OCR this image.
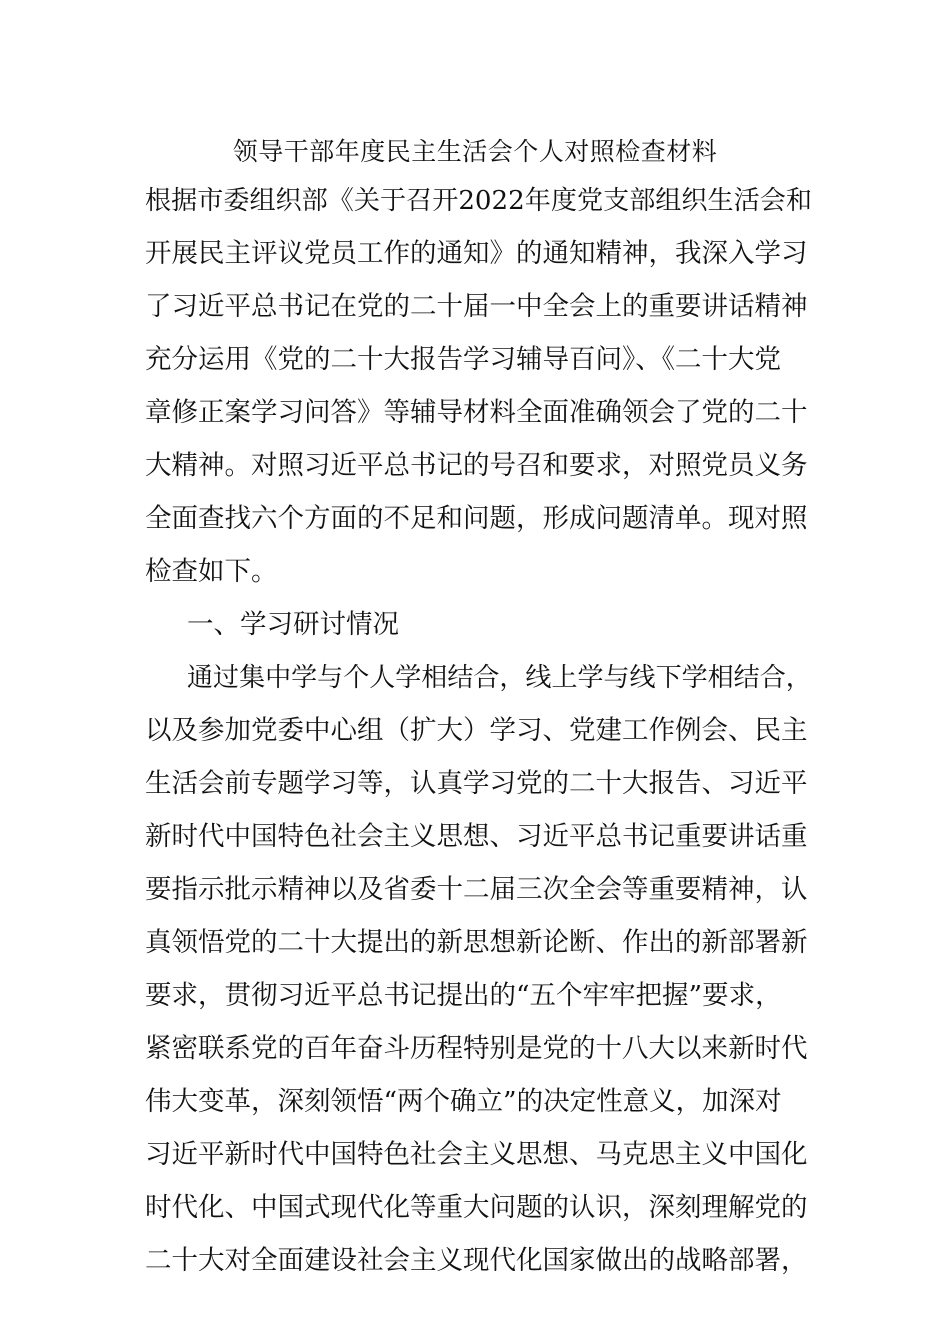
领导干部年度民主生活会个人对照检查材料
根据市委组织部《关于召开2022年度党支部组织生活会和
开展民主评议党员工作的通知》的通知精神，我深入学习
了习近平总书记在党的二十届一中全会上的重要讲话精神
充分运用《党的二十大报告学习辅导百问》、《二十大党
章修正案学习问答》等辅导材料全面准确领会了党的二十
大精神。对照习近平总书记的号召和要求，对照党员义务
全面查找六个方面的不足和问题，形成问题清单。现对照
检查如下。
一、学习研讨情况
通过集中学与个人学相结合，线上学与线下学相结合，
以及参加党委中心组（扩大）学习、党建工作例会、民主
生活会前专题学习等，认真学习党的二十大报告、习近平
新时代中国特色社会主义思想、习近平总书记重要讲话重
要指示批示精神以及省委十二届三次全会等重要精神，认
真领悟党的二十大提出的新思想新论断、作出的新部署新
要求，贯彻习近平总书记提出的“五个牢牢把握”要求，
紧密联系党的百年奋斗历程特别是党的十八大以来新时代
伟大变革，深刻领悟“两个确立”的决定性意义，加深对
习近平新时代中国特色社会主义思想、马克思主义中国化
时代化、中国式现代化等重大问题的认识，深刻理解党的
二十大对全面建设社会主义现代化国家做出的战略部署，
